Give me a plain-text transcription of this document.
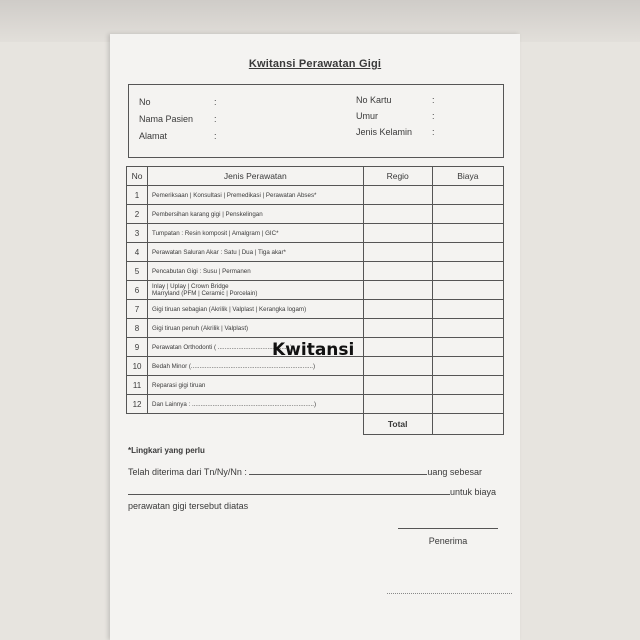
Kwitansi Perawatan Gigi
No	:
Nama Pasien :
Alamat	:
No Kartu	:
Umur	:
Jenis Kelamin :
No	Jenis Perawatan	Regio	Biaya
1	Pemeriksaan | Konsultasi | Premedikasi | Perawatan Abses*		
2	Pembersihan karang gigi | Penskelingan		
3	Tumpatan : Resin komposit | Amalgram | GIC*		
4	Perawatan Saluran Akar : Satu | Dua | Tiga akar*		
5	Pencabutan Gigi : Susu | Permanen		
6	Inlay | Uplay | Crown Bridge
Marryland (PFM | Ceramic | Porcelain)		

7	Gigi tiruan sebagian (Akrilik | Valplast | Kerangka logam)		
8	Gigi tiruan penuh (Akrilik | Valplast)		
9	Perawatan Orthodonti ( ......................................... )		
10	Bedah Minor (.......................................................................)		
11	Reparasi gigi tiruan		
12	Dan Lainnya : .......................................................................)		
		Total	
*Lingkari yang perlu
Telah diterima dari Tn/Ny/Nn :	uang sebesar
untuk biaya
perawatan gigi tersebut diatas
Penerima
Kwitansi
